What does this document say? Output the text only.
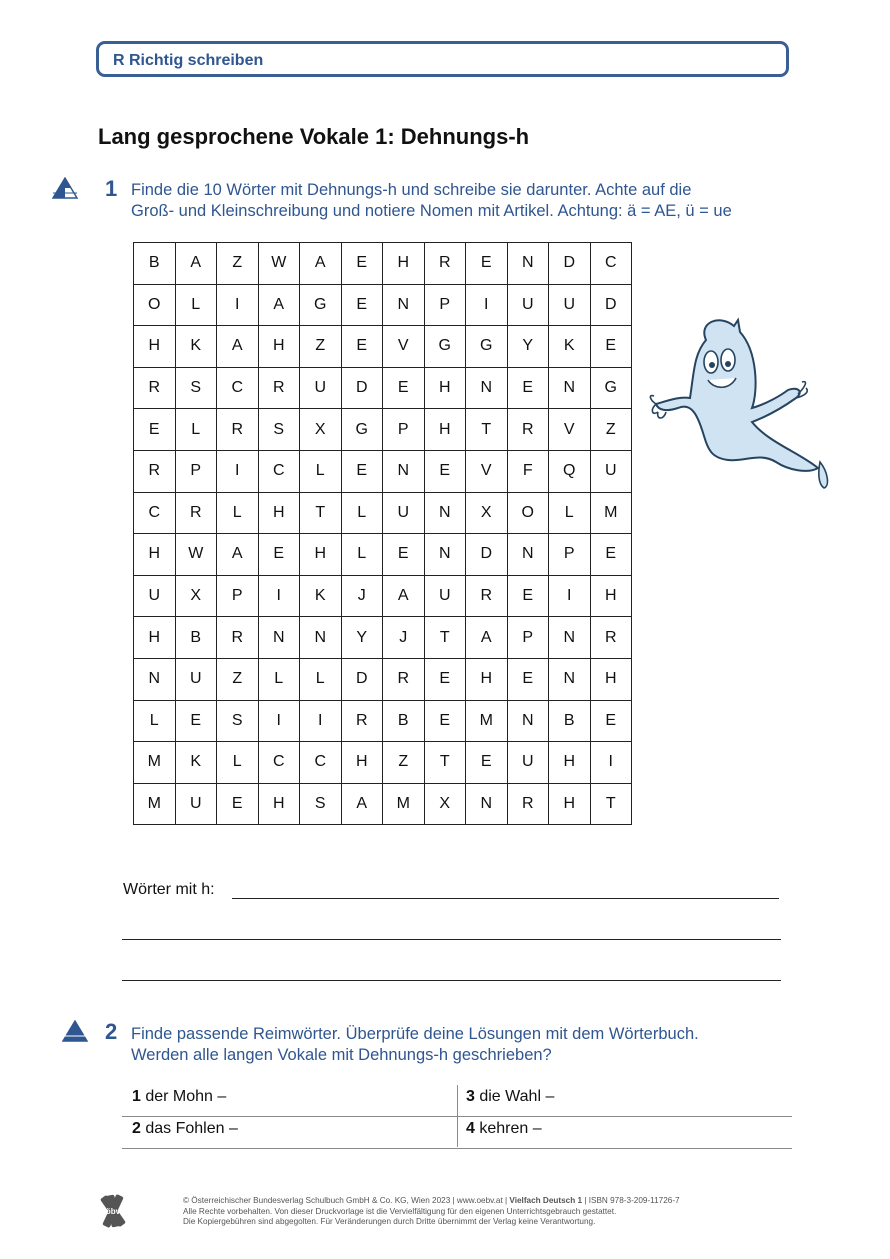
R Richtig schreiben
Lang gesprochene Vokale 1: Dehnungs-h
1 Finde die 10 Wörter mit Dehnungs-h und schreibe sie darunter. Achte auf die
Groß- und Kleinschreibung und notiere Nomen mit Artikel. Achtung: ä = AE, ü = ue
B	A	Z	W	A	E	H	R	E	N	D	C
O	L	I	A	G	E	N	P	I	U	U	D
H	K	A	H	Z	E	V	G	G	Y	K	E
R	S	C	R	U	D	E	H	N	E	N	G
E	L	R	S	X	G	P	H	T	R	V	Z
R	P	I	C	L	E	N	E	V	F	Q	U
C	R	L	H	T	L	U	N	X	O	L	M
H	W	A	E	H	L	E	N	D	N	P	E
U	X	P	I	K	J	A	U	R	E	I	H
H	B	R	N	N	Y	J	T	A	P	N	R
N	U	Z	L	L	D	R	E	H	E	N	H
L	E	S	I	I	R	B	E	M	N	B	E
M	K	L	C	C	H	Z	T	E	U	H	I
M	U	E	H	S	A	M	X	N	R	H	T
Wörter mit h:
2 Finde passende Reimwörter. Überprüfe deine Lösungen mit dem Wörterbuch.
Werden alle langen Vokale mit Dehnungs-h geschrieben?
1 der Mohn –	3 die Wahl –
2 das Fohlen –	4 kehren –
öbv
© Österreichischer Bundesverlag Schulbuch GmbH & Co. KG, Wien 2023 | www.oebv.at | Vielfach Deutsch 1 | ISBN 978-3-209-11726-7
Alle Rechte vorbehalten. Von dieser Druckvorlage ist die Vervielfältigung für den eigenen Unterrichtsgebrauch gestattet.
Die Kopiergebühren sind abgegolten. Für Veränderungen durch Dritte übernimmt der Verlag keine Verantwortung.
